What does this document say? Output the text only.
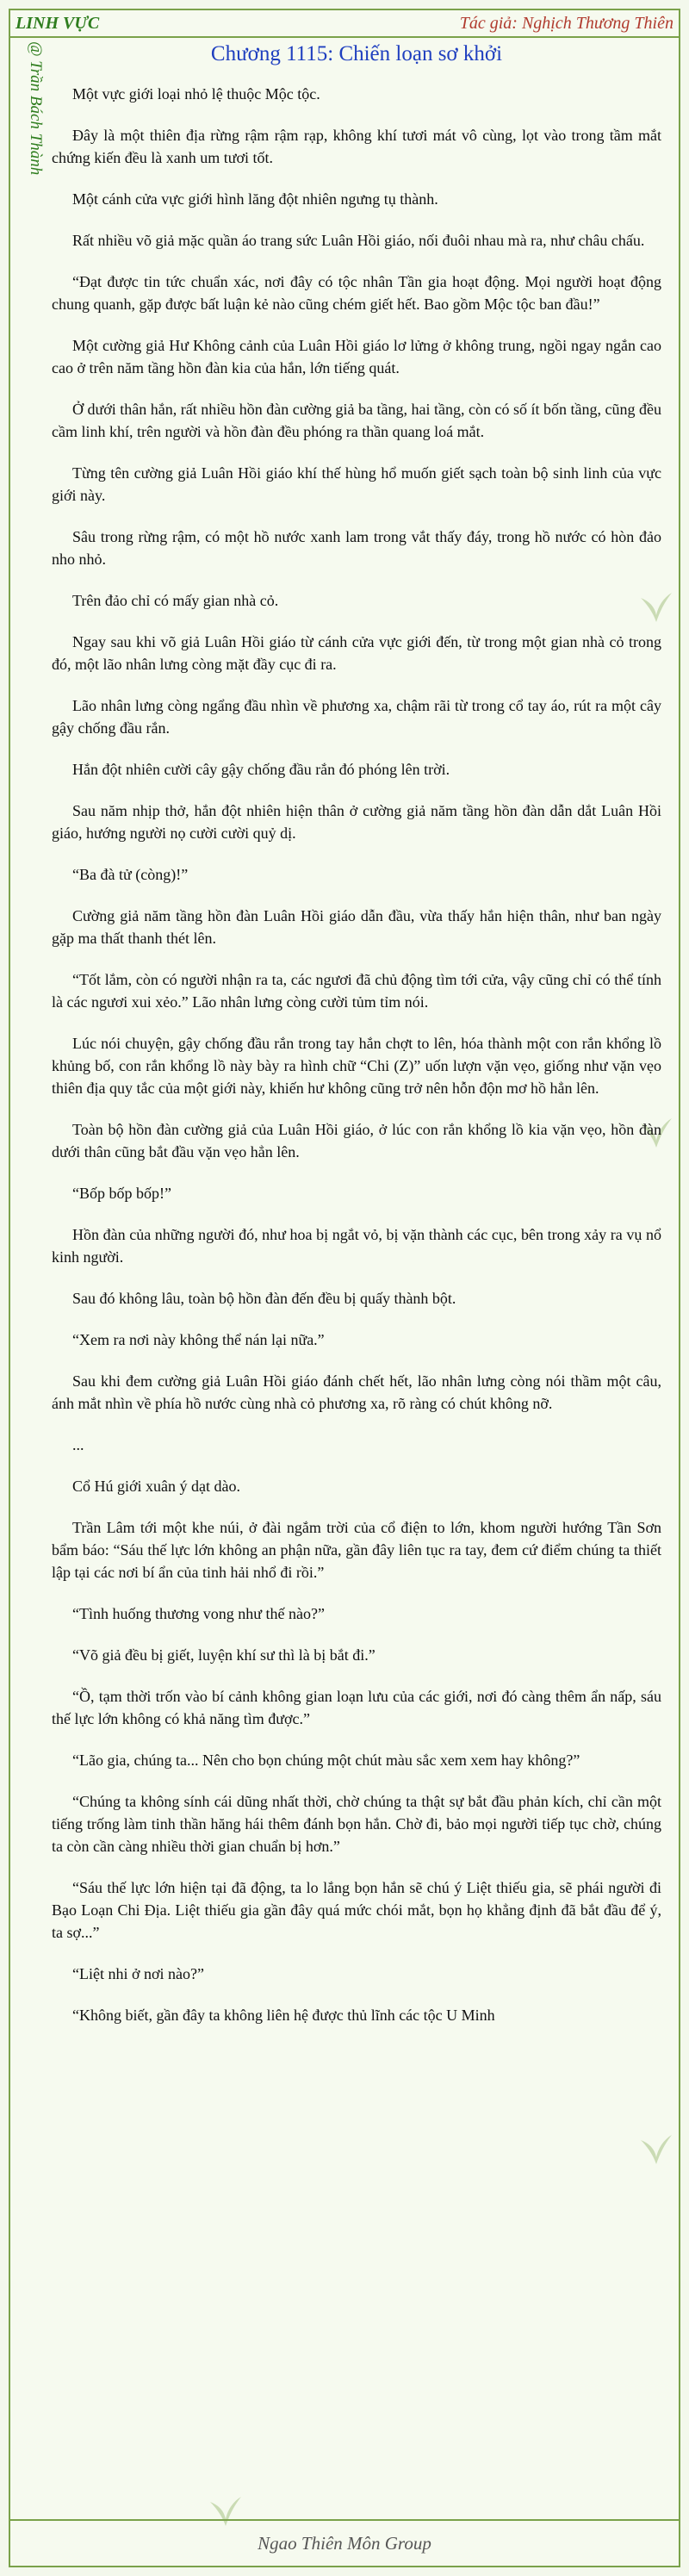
LINH VỰC	Tác giả: Nghịch Thương Thiên
@ Trần Bách Thành	Chương 1115: Chiến loạn sơ khởi

Một vực giới loại nhỏ lệ thuộc Mộc tộc.

Đây là một thiên địa rừng rậm rậm rạp, không khí tươi mát vô cùng, lọt vào trong tầm mắt chứng kiến đều là xanh um tươi tốt.

Một cánh cửa vực giới hình lăng đột nhiên ngưng tụ thành.

Rất nhiều võ giả mặc quần áo trang sức Luân Hồi giáo, nối đuôi nhau mà ra, như châu chấu.

“Đạt được tin tức chuẩn xác, nơi đây có tộc nhân Tần gia hoạt động. Mọi người hoạt động chung quanh, gặp được bất luận kẻ nào cũng chém giết hết. Bao gồm Mộc tộc ban đầu!”

Một cường giả Hư Không cảnh của Luân Hồi giáo lơ lửng ở không trung, ngồi ngay ngắn cao cao ở trên năm tầng hồn đàn kia của hắn, lớn tiếng quát.

Ở dưới thân hắn, rất nhiều hồn đàn cường giả ba tầng, hai tầng, còn có số ít bốn tầng, cũng đều cầm linh khí, trên người và hồn đàn đều phóng ra thần quang loá mắt.

Từng tên cường giả Luân Hồi giáo khí thế hùng hổ muốn giết sạch toàn bộ sinh linh của vực giới này.

Sâu trong rừng rậm, có một hồ nước xanh lam trong vắt thấy đáy, trong hồ nước có hòn đảo nho nhỏ.

Trên đảo chỉ có mấy gian nhà cỏ.

Ngay sau khi võ giả Luân Hồi giáo từ cánh cửa vực giới đến, từ trong một gian nhà cỏ trong đó, một lão nhân lưng còng mặt đầy cục đi ra.

Lão nhân lưng còng ngẩng đầu nhìn về phương xa, chậm rãi từ trong cổ tay áo, rút ra một cây gậy chống đầu rắn.

Hắn đột nhiên cười cây gậy chống đầu rắn đó phóng lên trời.

Sau năm nhịp thở, hắn đột nhiên hiện thân ở cường giả năm tầng hồn đàn dẫn dắt Luân Hồi giáo, hướng người nọ cười cười quỷ dị.

“Ba đà tử (còng)!”

Cường giả năm tầng hồn đàn Luân Hồi giáo dẫn đầu, vừa thấy hắn hiện thân, như ban ngày gặp ma thất thanh thét lên.

“Tốt lắm, còn có người nhận ra ta, các ngươi đã chủ động tìm tới cửa, vậy cũng chỉ có thể tính là các ngươi xui xẻo.” Lão nhân lưng còng cười tủm tỉm nói.

Lúc nói chuyện, gậy chống đầu rắn trong tay hắn chợt to lên, hóa thành một con rắn khổng lồ khủng bố, con rắn khổng lồ này bày ra hình chữ “Chi (Z)” uốn lượn vặn vẹo, giống như vặn vẹo thiên địa quy tắc của một giới này, khiến hư không cũng trở nên hỗn độn mơ hồ hẳn lên.

Toàn bộ hồn đàn cường giả của Luân Hồi giáo, ở lúc con rắn khổng lồ kia vặn vẹo, hồn đàn dưới thân cũng bắt đầu vặn vẹo hẳn lên.

“Bốp bốp bốp!”

Hồn đàn của những người đó, như hoa bị ngắt vỏ, bị vặn thành các cục, bên trong xảy ra vụ nổ kinh người.

Sau đó không lâu, toàn bộ hồn đàn đến đều bị quấy thành bột.

“Xem ra nơi này không thể nán lại nữa.”

Sau khi đem cường giả Luân Hồi giáo đánh chết hết, lão nhân lưng còng nói thầm một câu, ánh mắt nhìn về phía hồ nước cùng nhà cỏ phương xa, rõ ràng có chút không nỡ.

...

Cổ Hú giới xuân ý dạt dào.

Trần Lâm tới một khe núi, ở đài ngắm trời của cổ điện to lớn, khom người hướng Tần Sơn bẩm báo: “Sáu thế lực lớn không an phận nữa, gần đây liên tục ra tay, đem cứ điểm chúng ta thiết lập tại các nơi bí ẩn của tinh hải nhổ đi rồi.”

“Tình huống thương vong như thế nào?”

“Võ giả đều bị giết, luyện khí sư thì là bị bắt đi.”

“Ồ, tạm thời trốn vào bí cảnh không gian loạn lưu của các giới, nơi đó càng thêm ẩn nấp, sáu thế lực lớn không có khả năng tìm được.”

“Lão gia, chúng ta... Nên cho bọn chúng một chút màu sắc xem xem hay không?”

“Chúng ta không sính cái dũng nhất thời, chờ chúng ta thật sự bắt đầu phản kích, chỉ cần một tiếng trống làm tinh thần hăng hái thêm đánh bọn hắn. Chờ đi, bảo mọi người tiếp tục chờ, chúng ta còn cần càng nhiều thời gian chuẩn bị hơn.”

“Sáu thế lực lớn hiện tại đã động, ta lo lắng bọn hắn sẽ chú ý Liệt thiếu gia, sẽ phái người đi Bạo Loạn Chi Địa. Liệt thiếu gia gần đây quá mức chói mắt, bọn họ khẳng định đã bắt đầu để ý, ta sợ...”

“Liệt nhi ở nơi nào?”

“Không biết, gần đây ta không liên hệ được thủ lĩnh các tộc U Minh

Ngao Thiên Môn Group
